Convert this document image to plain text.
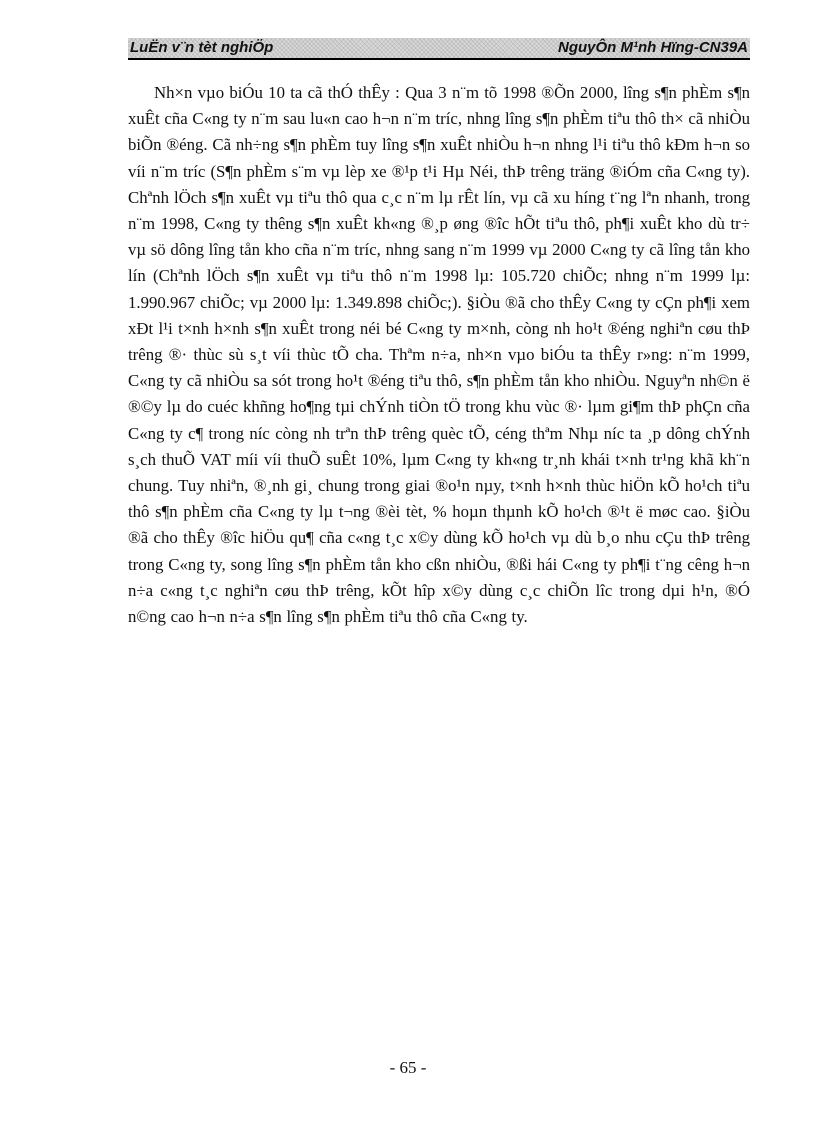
LuËn v¨n tèt nghiÖp	NguyÔn M¹nh Hïng-CN39A

Nh×n vµo biÓu 10 ta cã thÓ thÊy : Qua 3 n¨m tõ 1998 ®Õn 2000, lîng s¶n phÈm s¶n xuÊt cña C«ng ty n¨m sau lu«n cao h¬n n¨m tríc, nhng lîng s¶n phÈm tiªu thô th× cã nhiÒu biÕn ®éng. Cã nh÷ng s¶n phÈm tuy lîng s¶n xuÊt nhiÒu h¬n nhng l¹i tiªu thô kÐm h¬n so víi n¨m tríc (S¶n phÈm s¨m vµ lèp xe ®¹p t¹i Hµ Néi, thÞ trêng träng ®iÓm cña C«ng ty). Chªnh lÖch s¶n xuÊt vµ tiªu thô qua c¸c n¨m lµ rÊt lín, vµ cã xu híng t¨ng lªn nhanh, trong n¨m 1998, C«ng ty thêng s¶n xuÊt kh«ng ®¸p øng ®îc hÕt tiªu thô, ph¶i xuÊt kho dù tr÷ vµ sö dông lîng tån kho cña n¨m tríc, nhng sang n¨m 1999 vµ 2000 C«ng ty cã lîng tån kho lín (Chªnh lÖch s¶n xuÊt vµ tiªu thô n¨m 1998 lµ: 105.720 chiÕc; nhng n¨m 1999 lµ: 1.990.967 chiÕc; vµ 2000 lµ: 1.349.898 chiÕc;). §iÒu ®ã cho thÊy C«ng ty cÇn ph¶i xem xÐt l¹i t×nh h×nh s¶n xuÊt trong néi bé C«ng ty m×nh, còng nh ho¹t ®éng nghiªn cøu thÞ trêng ®· thùc sù s¸t víi thùc tÕ cha. Thªm n÷a, nh×n vµo biÓu ta thÊy r»ng: n¨m 1999, C«ng ty cã nhiÒu sa sót trong ho¹t ®éng tiªu thô, s¶n phÈm tån kho nhiÒu. Nguyªn nh©n ë ®©y lµ do cuéc khñng ho¶ng tµi chÝnh tiÒn tÖ trong khu vùc ®· lµm gi¶m thÞ phÇn cña C«ng ty c¶ trong níc còng nh trªn thÞ trêng quèc tÕ, céng thªm Nhµ níc ta ¸p dông chÝnh s¸ch thuÕ VAT míi víi thuÕ suÊt 10%, lµm C«ng ty kh«ng tr¸nh khái t×nh tr¹ng khã kh¨n chung. Tuy nhiªn, ®¸nh gi¸ chung trong giai ®o¹n nµy, t×nh h×nh thùc hiÖn kÕ ho¹ch tiªu thô s¶n phÈm cña C«ng ty lµ t¬ng ®èi tèt, % hoµn thµnh kÕ ho¹ch ®¹t ë møc cao. §iÒu ®ã cho thÊy ®îc hiÖu qu¶ cña c«ng t¸c x©y dùng kÕ ho¹ch vµ dù b¸o nhu cÇu thÞ trêng trong C«ng ty, song lîng s¶n phÈm tån kho cßn nhiÒu, ®ßi hái C«ng ty ph¶i t¨ng cêng h¬n n÷a c«ng t¸c nghiªn cøu thÞ trêng, kÕt hîp x©y dùng c¸c chiÕn lîc trong dµi h¹n, ®Ó n©ng cao h¬n n÷a s¶n lîng s¶n phÈm tiªu thô cña C«ng ty.

- 65 -
